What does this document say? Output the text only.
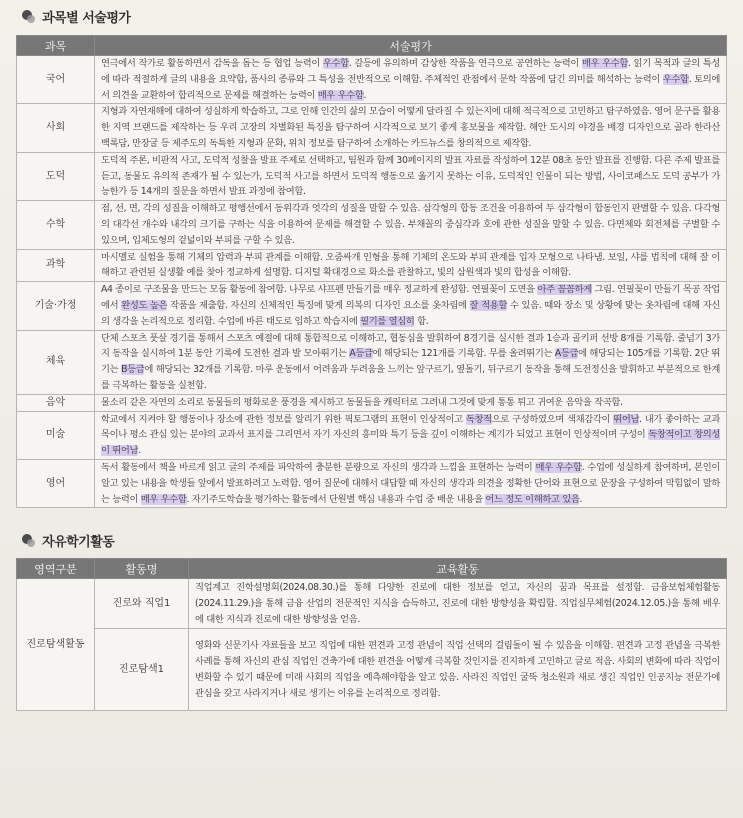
과목별 서술평가
과목	서술평가
국어	연극에서 작가로 활동하면서 감독을 돕는 등 협업 능력이 우수함. 갈등에 유의하며 감상한 작품을 연극으로 공연하는 능력이 매우 우수함. 읽기 목적과 글의 특성에 따라 적절하게 글의 내용을 요약함, 품사의 종류와 그 특성을 전반적으로 이해함. 주체적인 관점에서 문학 작품에 담긴 의미를 해석하는 능력이 우수함. 토의에서 의견을 교환하여 합리적으로 문제를 해결하는 능력이 매우 우수함.
사회	지형과 자연재해에 대하여 성실하게 학습하고, 그로 인해 인간의 삶의 모습이 어떻게 달라질 수 있는지에 대해 적극적으로 고민하고 탐구하였음. 영어 문구를 활용한 지역 브랜드를 제작하는 등 우리 고장의 차별화된 특징을 탐구하여 시각적으로 보기 좋게 홍보물을 제작함. 해안 도시의 야경을 배경 디자인으로 골라 한라산 백록담, 만장굴 등 제주도의 독특한 지형과 문화, 위치 정보를 탐구하여 소개하는 카드뉴스를 창의적으로 제작함.
도덕	도덕적 주론, 비판적 사고, 도덕적 성찰을 발표 주제로 선택하고, 팀원과 함께 30페이지의 발표 자료를 작성하여 12분 08초 동안 발표를 진행함. 다른 주제 발표를 듣고, 동물도 유의적 존재가 될 수 있는가, 도덕적 사고를 하면서 도덕적 행동으로 옮기지 못하는 이유, 도덕적인 인물이 되는 방법, 사이코패스도 도덕 공부가 가능한가 등 14개의 질문을 하면서 발표 과정에 참여함.
수학	점, 선, 면, 각의 성질을 이해하고 평행선에서 동위각과 엇각의 성질을 말할 수 있음. 삼각형의 합동 조건을 이용하여 두 삼각형이 합동인지 판별할 수 있음. 다각형의 대각선 개수와 내각의 크기를 구하는 식을 이용하여 문제를 해결할 수 있음. 부채꼴의 중심각과 호에 관한 성질을 말할 수 있음. 다면체와 회전체를 구별할 수 있으며, 입체도형의 겉넓이와 부피를 구할 수 있음.
과학	마시멜로 실험을 통해 기체의 압력과 부피 관계를 이해함. 오줌싸개 인형을 통해 기체의 온도와 부피 관계를 입자 모형으로 나타냄. 보일, 샤를 법칙에 대해 잘 이해하고 관련된 실생활 예를 찾아 정교하게 설명함. 디지털 확대경으로 화소를 관찰하고, 빛의 삼원색과 빛의 합성을 이해함.
기술·가정	A4 종이로 구조물을 만드는 모둠 활동에 참여함. 나무로 샤프펜 만들기를 매우 정교하게 완성함. 연필꽂이 도면을 아주 꼼꼼하게 그림. 연필꽂이 만들기 목공 작업에서 완성도 높은 작품을 제출함. 자신의 신체적인 특징에 맞게 의복의 디자인 요소를 옷차림에 잘 적용할 수 있음. 때와 장소 및 상황에 맞는 옷차림에 대해 자신의 생각을 논리적으로 정리함. 수업에 바른 태도로 임하고 학습지에 필기를 열심히 함.
체육	단체 스포츠 풋살 경기를 통해서 스포츠 예절에 대해 통합적으로 이해하고, 협동심을 발휘하여 8경기를 실시한 결과 1승과 골키퍼 선방 8개를 기록함. 줄넘기 3가지 동작을 실시하여 1분 동안 기록에 도전한 결과 발 모아뛰기는 A등급에 해당되는 121개를 기록함. 무릎 올려뛰기는 A등급에 해당되는 105개를 기록함. 2단 뛰기는 B등급에 해당되는 32개를 기록함. 마루 운동에서 어려움과 두려움을 느끼는 앞구르기, 옆돌기, 뒤구르기 동작을 통해 도전정신을 발휘하고 부분적으로 한계를 극복하는 활동을 실천함.
음악	물소리 같은 자연의 소리로 동물들의 평화로운 풍경을 제시하고 동물들을 캐릭터로 그려내 그것에 맞게 통통 튀고 귀여운 음악을 작곡함.
미술	학교에서 지켜야 할 행동이나 장소에 관한 정보를 알리기 위한 픽토그램의 표현이 인상적이고 독창적으로 구성하였으며 색채감각이 뛰어남. 내가 좋아하는 교과목이나 평소 관심 있는 분야의 교과서 표지를 그리면서 자기 자신의 흥미와 특기 등을 깊이 이해하는 계기가 되었고 표현이 인상적이며 구성이 독창적이고 창의성이 뛰어남.
영어	독서 활동에서 책을 바르게 읽고 글의 주제를 파악하여 충분한 분량으로 자신의 생각과 느낌을 표현하는 능력이 매우 우수함. 수업에 성실하게 참여하며, 본인이 알고 있는 내용을 학생들 앞에서 발표하려고 노력함. 영어 질문에 대해서 대답할 때 자신의 생각과 의견을 정확한 단어와 표현으로 문장을 구성하여 막힘없이 말하는 능력이 매우 우수함. 자기주도학습을 평가하는 활동에서 단원별 핵심 내용과 수업 중 배운 내용을 어느 정도 이해하고 있음.
자유학기활동
영역구분	활동명	교육활동
진로탐색활동	진로와 직업1	직업계고 진학설명회(2024.08.30.)를 통해 다양한 진로에 대한 정보를 얻고, 자신의 꿈과 목표를 설정함. 금융보험체험활동(2024.11.29.)을 통해 금융 산업의 전문적인 지식을 습득하고, 진로에 대한 방향성을 확립함. 직업실무체험(2024.12.05.)을 통해 배우에 대한 지식과 진로에 대한 방향성을 얻음.
	진로탐색1	영화와 신문기사 자료들을 보고 직업에 대한 편견과 고정 관념이 직업 선택의 걸림돌이 될 수 있음을 이해함. 편견과 고정 관념을 극복한 사례를 통해 자신의 관심 직업인 건축가에 대한 편견을 어떻게 극복할 것인지를 진지하게 고민하고 글로 적음. 사회의 변화에 따라 직업이 변화할 수 있기 때문에 미래 사회의 직업을 예측해야함을 알고 있음. 사라진 직업인 굴뚝 청소원과 새로 생긴 직업인 인공지능 전문가에 관심을 갖고 사라지거나 새로 생기는 이유를 논리적으로 정리함.
